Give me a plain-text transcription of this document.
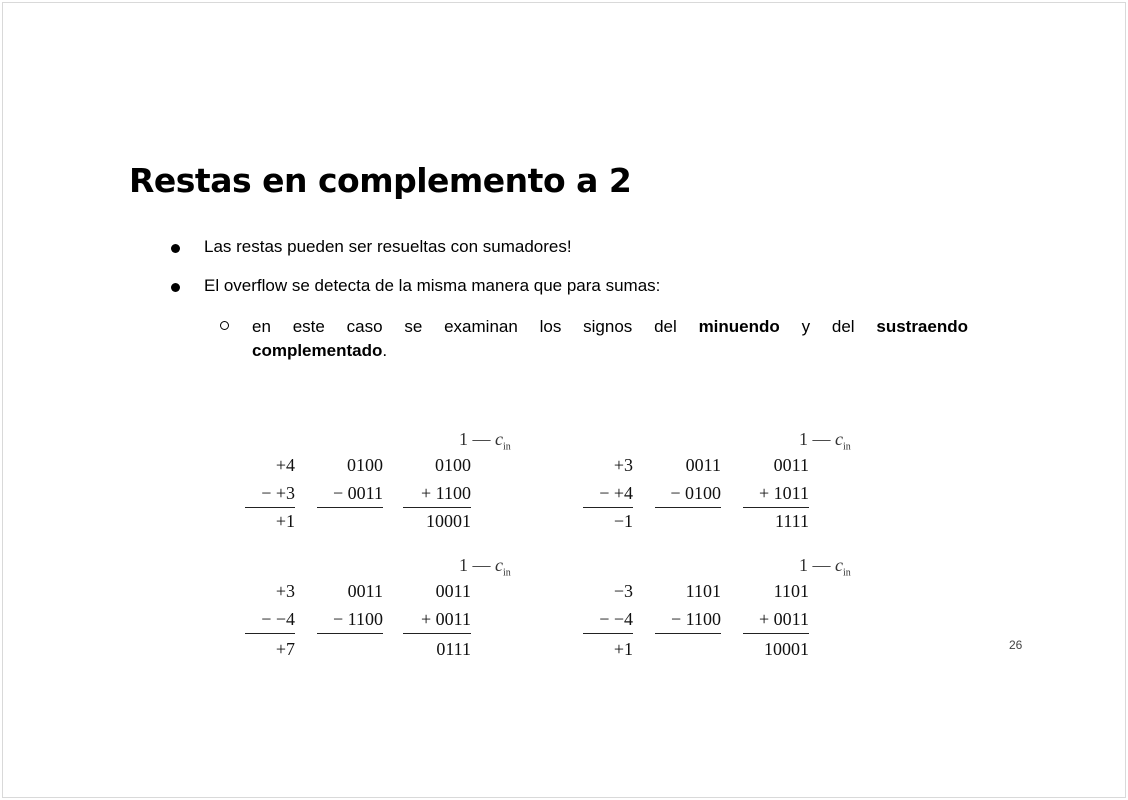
Restas en complemento a 2
Las restas pueden ser resueltas con sumadores!
El overflow se detecta de la misma manera que para sumas:
en este caso se examinan los signos del minuendo y del sustraendo
complementado.
1 — $c_{in}$
+4
− +3
+1
0100
− 0011
0100
+ 1100
10001
1 — $c_{in}$
+3
− +4
−1
0011
− 0100
0011
+ 1011
1111
1 — $c_{in}$
+3
− −4
+7
0011
− 1100
0011
+ 0011
0111
1 — $c_{in}$
−3
− −4
+1
1101
− 1100
1101
+ 0011
10001	26
